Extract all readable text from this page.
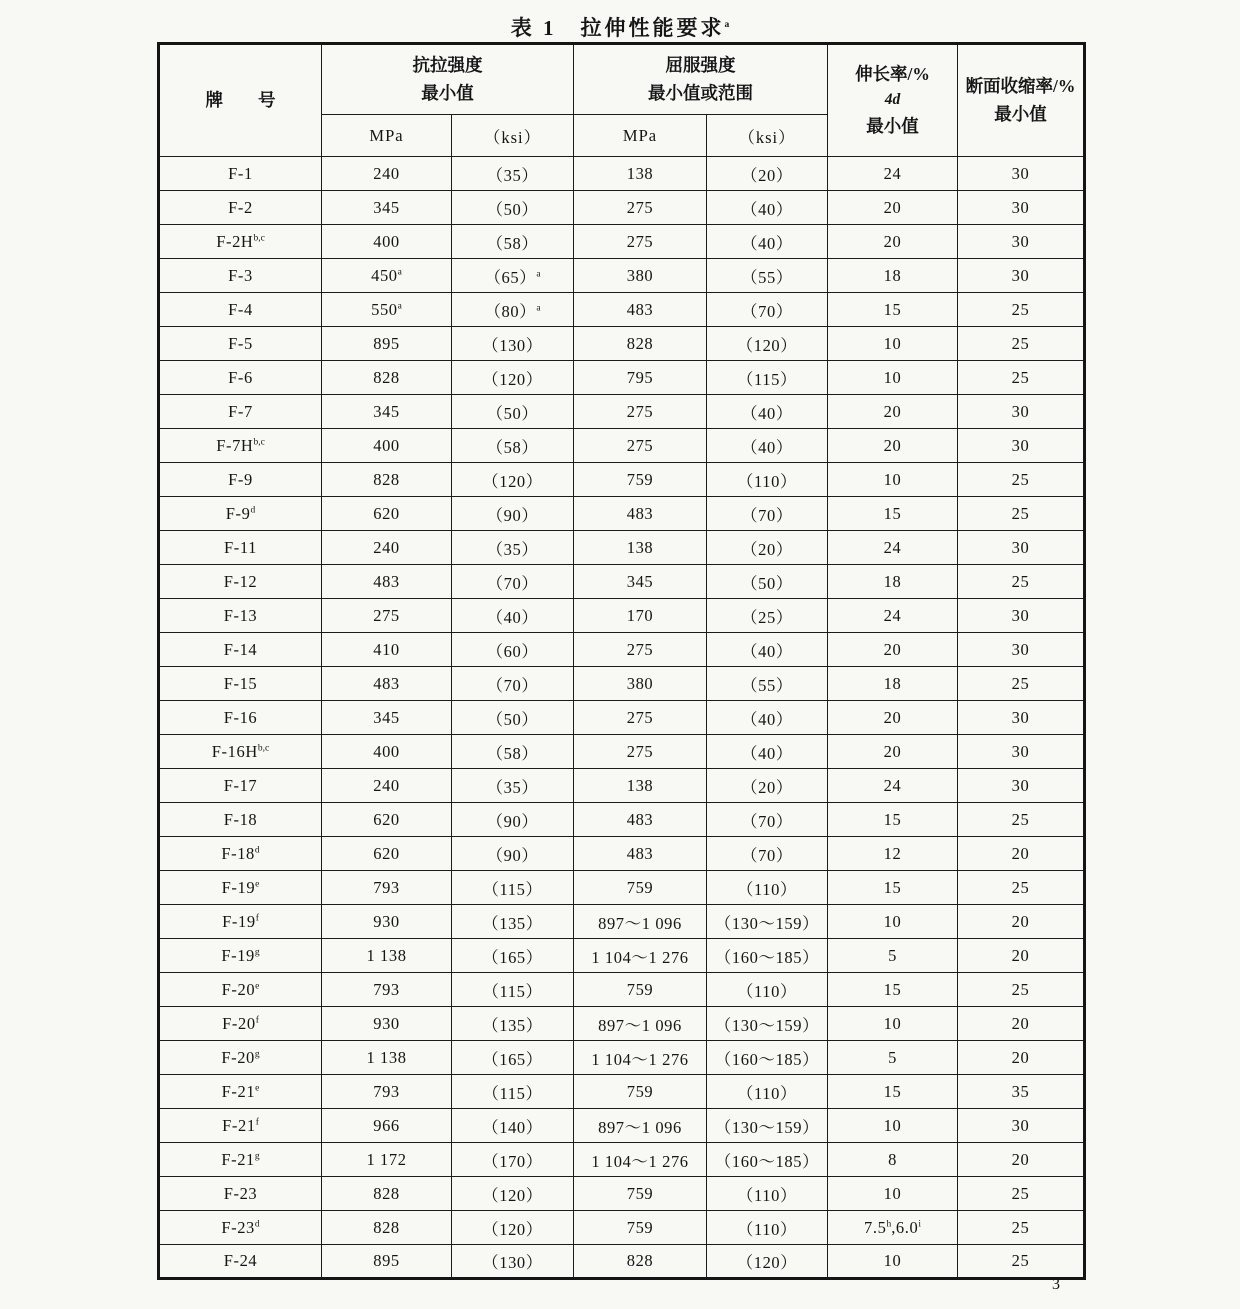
表 1　拉伸性能要求$^a$
牌　　号	
抗拉强度
最小值

屈服强度
最小值或范围

伸长率/%
4d
最小值

断面收缩率/%
最小值

	MPa	（ksi）	MPa	（ksi）		
F-1	240	（35）	138	（20）	24	30
F-2	345	（50）	275	（40）	20	30
$F-2H^{b,c}$	400	（58）	275	（40）	20	30
F-3	450$^a$	$(65)^a$	380	（55）	18	30
F-4	550$^a$	$(80)^a$	483	（70）	15	25
F-5	895	（130）	828	（120）	10	25
F-6	828	（120）	795	（115）	10	25
F-7	345	（50）	275	（40）	20	30
$F-7H^{b,c}$	400	（58）	275	（40）	20	30
F-9	828	（120）	759	（110）	10	25
F-9$^d$	620	（90）	483	（70）	15	25
F-11	240	（35）	138	（20）	24	30
F-12	483	（70）	345	（50）	18	25
F-13	275	（40）	170	（25）	24	30
F-14	410	（60）	275	（40）	20	30
F-15	483	（70）	380	（55）	18	25
F-16	345	（50）	275	（40）	20	30
$F-16H^{b,c}$	400	（58）	275	（40）	20	30
F-17	240	（35）	138	（20）	24	30
F-18	620	（90）	483	（70）	15	25
F-18$^d$	620	（90）	483	（70）	12	20
F-19e	793	（115）	759	（110）	15	25
F-19$^f$	930	（135）	897～1 096	（130～159）	10	20
F-19$^g$	1 138	（165）	1 104～1 276	（160～185）	5	20
F-20e	793	（115）	759	（110）	15	25
F-20$^f$	930	（135）	897～1 096	（130～159）	10	20
F-20$^g$	1 138	（165）	1 104～1 276	（160～185）	5	20
F-21e	793	（115）	759	（110）	15	35
F-21$^f$	966	（140）	897～1 096	（130～159）	10	30
F-21$^g$	1 172	（170）	1 104～1 276	（160～185）	8	20
F-23	828	（120）	759	（110）	10	25
F-23$^d$	828	（120）	759	（110）	7.5$^h$,6.0$^i$	25
F-24	895	（130）	828	（120）	10	25
3
